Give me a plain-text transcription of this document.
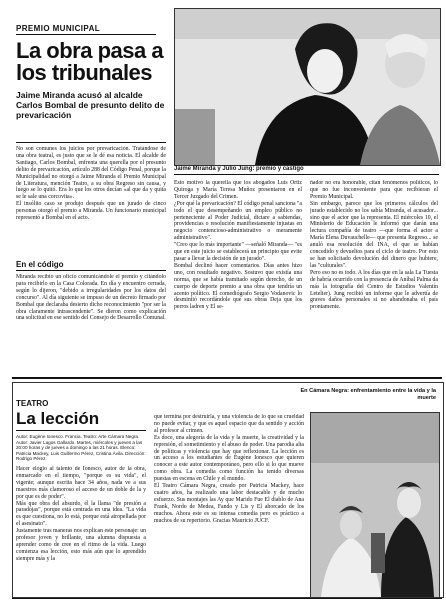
PREMIO MUNICIPAL
La obra pasa a los tribunales
Jaime Miranda acusó al alcalde Carlos Bombal de presunto delito de prevaricación
No son comunes los juicios por prevaricación. Tratándose de una obra teatral, es justo que se le dé esa noticia. El alcalde de Santiago, Carlos Bombal, enfrenta una querella por el presunto delito de prevaricación, artículo 288 del Código Penal, porque la Municipalidad no otorgó a Jaime Miranda el Premio Municipal de Literatura, mención Teatro, a su obra Regreso sin causa, y luego se lo quitó. Era lo que los otros decían «al que da y quita se le sale una corcovita».
El insólito caso se produjo después que un jurado de cinco personas otorgó el premio a Miranda. Un funcionario municipal representó a Bombal en el acto.
En el código
Miranda recibió un oficio comunicándole el premio y citándolo para recibirlo en la Casa Colorada. En día y encuentro cerrada, según lo dijeron, "debido a irregularidades por los datos del concurso". Al día siguiente se impuso de un decreto firmado por Bombal que declaraba desierto dicho reconocimiento "por ser la obra claramente intrascendente". Se dieron como explicación una solicitud en ese sentido del Consejo de Desarrollo Comunal.
Jaime Miranda y Julio Jung: premio y castigo
Esto motivó la querella que los abogados Luis Ortiz Quiroga y María Teresa Muñoz presentaron en el Tercer Juzgado del Crimen.
¿Por qué la prevaricación? El código penal sanciona "a todo el que desempeñando un empleo público no perteneciente al Poder Judicial, dictare a sabiendas, providencias o resolución manifiestamente injustas en negocio contencioso-administrativo o meramente administrativo".
"Creo que lo más importante" —señaló Miranda— "es que en este juicio se establecerá un principio que evite pasar a llevar la decisión de un jurado".
Bombal declinó hacer comentarios. Días antes hizo uno, con resultado negativo. Sostuvo que existía una norma, que se había tramitado según derecho, de un cuerpo de deporte premio a una obra que tendría un acento político. El comediógrafo Sergio Vodanovic lo desmintió recordándole que sus obras Deja que los perros ladren y El se-
ñador no era honorable, citan fenómenos políticos, lo que no fue inconveniente para que recibieran el Premio Municipal.
Sin embargo, parece que los primeros cálculos del jurado establecido no los sabía Miranda, el acusador... sino que el actor que la representa. El miércoles 10, el Ministerio de Educación le informó que darán una lectura compañía de teatro —que forma el actor a María Elena Duvauchelle— que presenta Regreso... se anuló esa resolución del INA, el que se habían concedido y devueltos para el ciclo de teatro. Por esto se han solicitado devolución del dinero que hubiere, las "culturales".
Pero eso no es todo. A los días que en la sala La Tuesta de habría ocurrido con la presencia de Aníbal Palma da más la fotografía del Centro de Estudios Valentín Letelier). Jung recibió un informe que le advertía de graves daños personales si no abandonaba el país prontamente.
TEATRO
La lección
Autor: Eugène Ionesco. Francia. Teatro: Arte Cámara Negra. Autor: Javier Lagos Gallardo. Martes, miércoles y jueves a las 20:00 horas y de jueves a domingo a las 21 horas. Elenco: Patricia Mackey, Luis Guillermo Pérez, Cristina Ávila. Dirección: Rodrigo Pérez.
Hacer elogio al talento de Ionesco, autor de la obra, enmarcado en el tiempo, "porque es su vida", el vigente; aunque escrita hace 34 años, nada ve a sus maestros más clamoroso el acceso de un doble de la y por que es de poder".
Más que obra del absurdo, él la llama "de presión a paradojas", porque está centrada en una idea. "La vida es que cuestiona, no lo está, porque está atropellada por el asesinato".
Justamente tras maneras nos explican este personaje: un profesor joven y brillante, una alumna dispuesta a aprender como de cree en el ritmo de la vida. Luego comienza esa lección, esto más aún que lo aprendido siempre más y la
que termina por destruirla, y una violencia de lo que su crueldad no puede evitar, y que es aquel espacio que da sentido y acción al profesor al crimen.
Es doce, una alegoría de la vida y la muerte, la creatividad y la represión, el sometimiento y el abuso de poder. Una parodia alta de políticas y violencia que hay que reflexionar. La lección es un acceso a los estudiantes de Eugène Ionesco que quieren conocer a este autor contemporáneo, pero ello si lo que mueve como obra. La comedia como función ha tenido diversas puestas en escena en Chile y el mundo.
El Teatro Cámara Negra, creado por Patricia Mackey, hace cuatro años, ha realizado una labor destacable y de mucho esfuerzo. Sus montajes las Ay que Marido Fue El diablo de Ana Frank, Nordo de Medea, Fando y Lis y El ahorcado de los muchos. Ahora este es su intensa comedia pero es práctico a muchos de su repertorio. Gracias Mauricio JUCF.
En Cámara Negra: enfrentamiento entre la vida y la muerte
